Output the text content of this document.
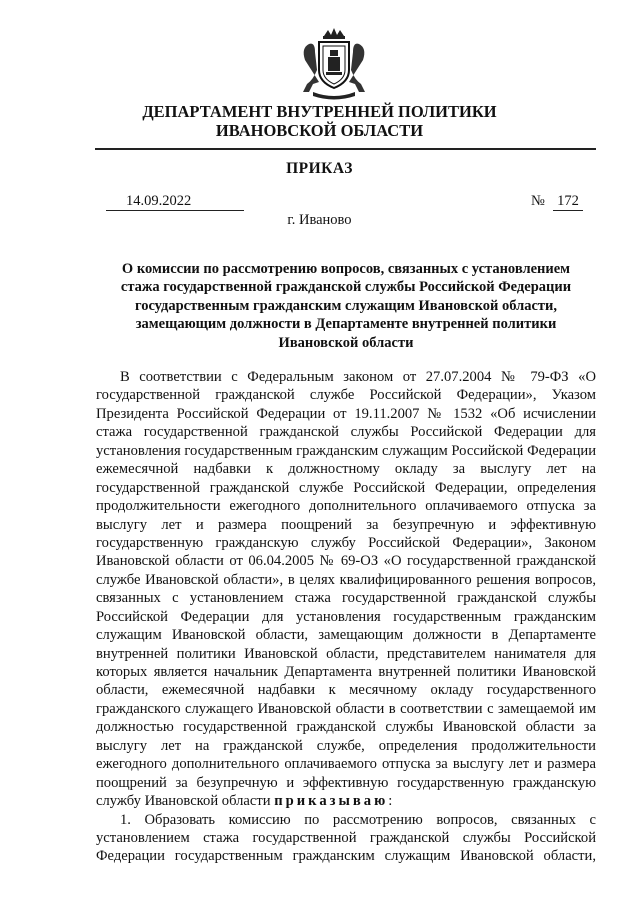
ДЕПАРТАМЕНТ ВНУТРЕННЕЙ ПОЛИТИКИ
ИВАНОВСКОЙ ОБЛАСТИ
ПРИКАЗ
14.09.2022	№ 172
г. Иваново
О комиссии по рассмотрению вопросов, связанных с установлением
стажа государственной гражданской службы Российской Федерации
государственным гражданским служащим Ивановской области,
замещающим должности в Департаменте внутренней политики
Ивановской области
В соответствии с Федеральным законом от 27.07.2004 № 79-ФЗ «О
государственной гражданской службе Российской Федерации», Указом
Президента Российской Федерации от 19.11.2007 № 1532 «Об исчислении
стажа государственной гражданской службы Российской Федерации для
установления государственным гражданским служащим Российской Федерации
ежемесячной надбавки к должностному окладу за выслугу лет на
государственной гражданской службе Российской Федерации, определения
продолжительности ежегодного дополнительного оплачиваемого отпуска за
выслугу лет и размера поощрений за безупречную и эффективную
государственную гражданскую службу Российской Федерации», Законом
Ивановской области от 06.04.2005 № 69-ОЗ «О государственной гражданской
службе Ивановской области», в целях квалифицированного решения вопросов,
связанных с установлением стажа государственной гражданской службы
Российской Федерации для установления государственным гражданским
служащим Ивановской области, замещающим должности в Департаменте
внутренней политики Ивановской области, представителем нанимателя для
которых является начальник Департамента внутренней политики Ивановской
области, ежемесячной надбавки к месячному окладу государственного
гражданского служащего Ивановской области в соответствии с замещаемой им
должностью государственной гражданской службы Ивановской области за
выслугу лет на гражданской службе, определения продолжительности
ежегодного дополнительного оплачиваемого отпуска за выслугу лет и размера
поощрений за безупречную и эффективную государственную гражданскую
службу Ивановской области приказываю:
1. Образовать комиссию по рассмотрению вопросов, связанных с
установлением стажа государственной гражданской службы Российской
Федерации государственным гражданским служащим Ивановской области,
